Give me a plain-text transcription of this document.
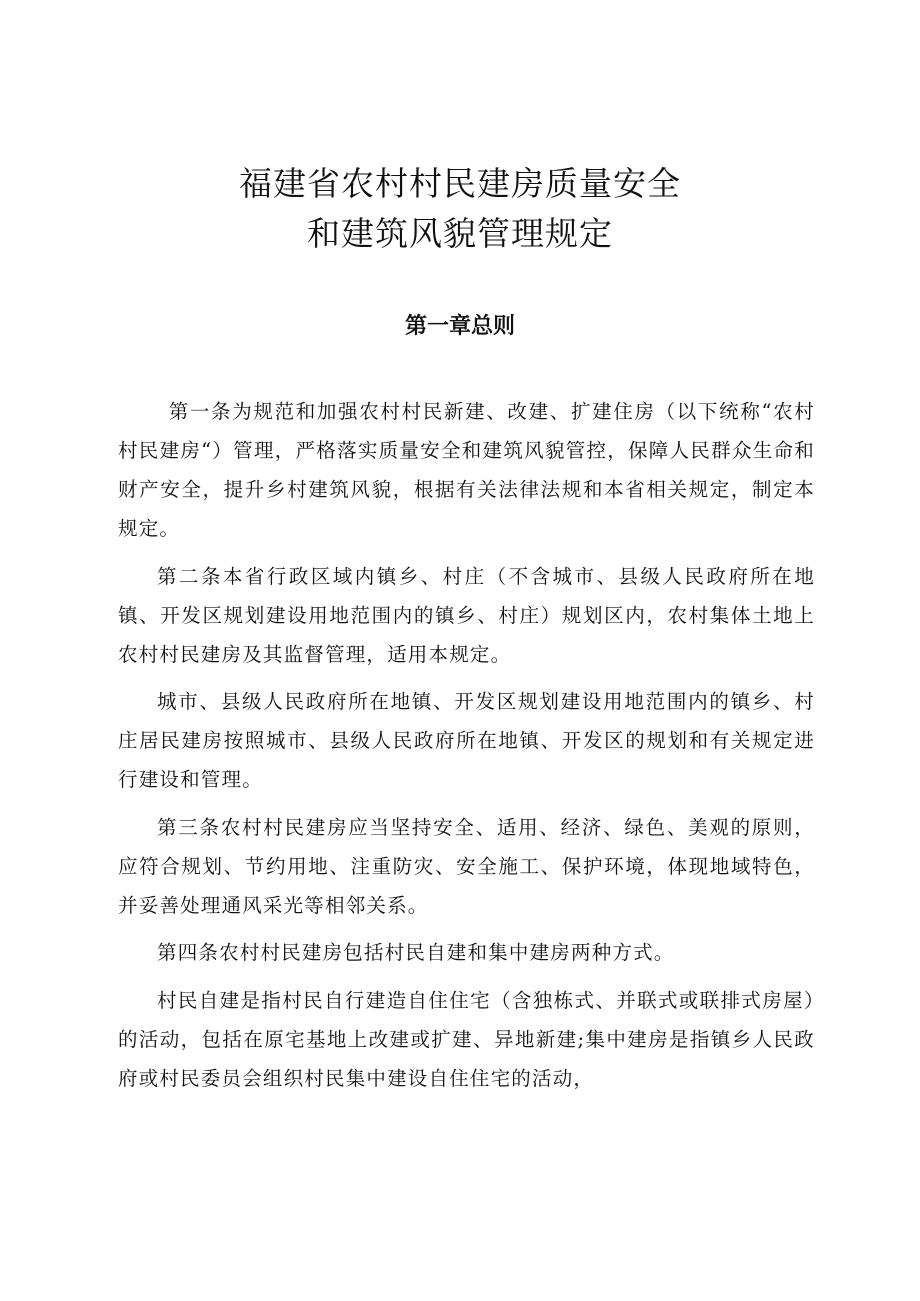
福建省农村村民建房质量安全
和建筑风貌管理规定
第一章总则

第一条为规范和加强农村村民新建、改建、扩建住房（以下统称“农村村民建房“）管理，严格落实质量安全和建筑风貌管控，保障人民群众生命和财产安全，提升乡村建筑风貌，根据有关法律法规和本省相关规定，制定本规定。

第二条本省行政区域内镇乡、村庄（不含城市、县级人民政府所在地镇、开发区规划建设用地范围内的镇乡、村庄）规划区内，农村集体土地上农村村民建房及其监督管理，适用本规定。

城市、县级人民政府所在地镇、开发区规划建设用地范围内的镇乡、村庄居民建房按照城市、县级人民政府所在地镇、开发区的规划和有关规定进行建设和管理。

第三条农村村民建房应当坚持安全、适用、经济、绿色、美观的原则，应符合规划、节约用地、注重防灾、安全施工、保护环境，体现地域特色，并妥善处理通风采光等相邻关系。

第四条农村村民建房包括村民自建和集中建房两种方式。

村民自建是指村民自行建造自住住宅（含独栋式、并联式或联排式房屋）的活动，包括在原宅基地上改建或扩建、异地新建;集中建房是指镇乡人民政府或村民委员会组织村民集中建设自住住宅的活动，
